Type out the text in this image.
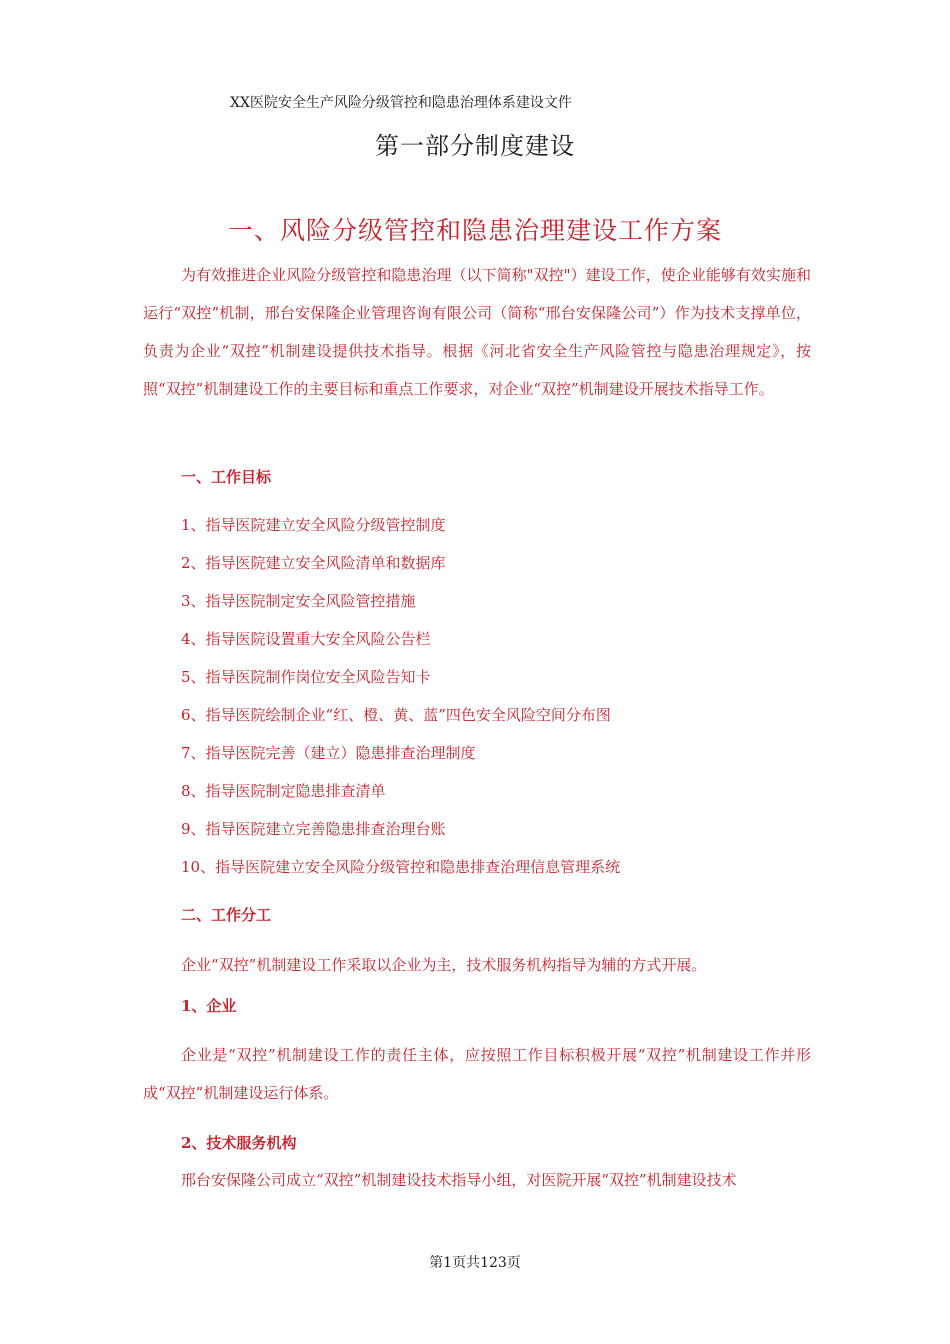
XX医院安全生产风险分级管控和隐患治理体系建设文件
第一部分制度建设
一、风险分级管控和隐患治理建设工作方案
为有效推进企业风险分级管控和隐患治理（以下简称"双控"）建设工作，使企业能够有效实施和运行“双控”机制，邢台安保隆企业管理咨询有限公司（简称“邢台安保隆公司”）作为技术支撑单位，负责为企业“双控”机制建设提供技术指导。根据《河北省安全生产风险管控与隐患治理规定》，按照“双控”机制建设工作的主要目标和重点工作要求，对企业“双控”机制建设开展技术指导工作。
一、工作目标
1、指导医院建立安全风险分级管控制度
2、指导医院建立安全风险清单和数据库
3、指导医院制定安全风险管控措施
4、指导医院设置重大安全风险公告栏
5、指导医院制作岗位安全风险告知卡
6、指导医院绘制企业“红、橙、黄、蓝”四色安全风险空间分布图
7、指导医院完善（建立）隐患排查治理制度
8、指导医院制定隐患排查清单
9、指导医院建立完善隐患排查治理台账
10、指导医院建立安全风险分级管控和隐患排查治理信息管理系统
二、工作分工
企业“双控”机制建设工作采取以企业为主，技术服务机构指导为辅的方式开展。
1、企业
企业是“双控”机制建设工作的责任主体，应按照工作目标积极开展“双控”机制建设工作并形成“双控”机制建设运行体系。
2、技术服务机构
邢台安保隆公司成立“双控”机制建设技术指导小组，对医院开展“双控”机制建设技术
第1页共123页
